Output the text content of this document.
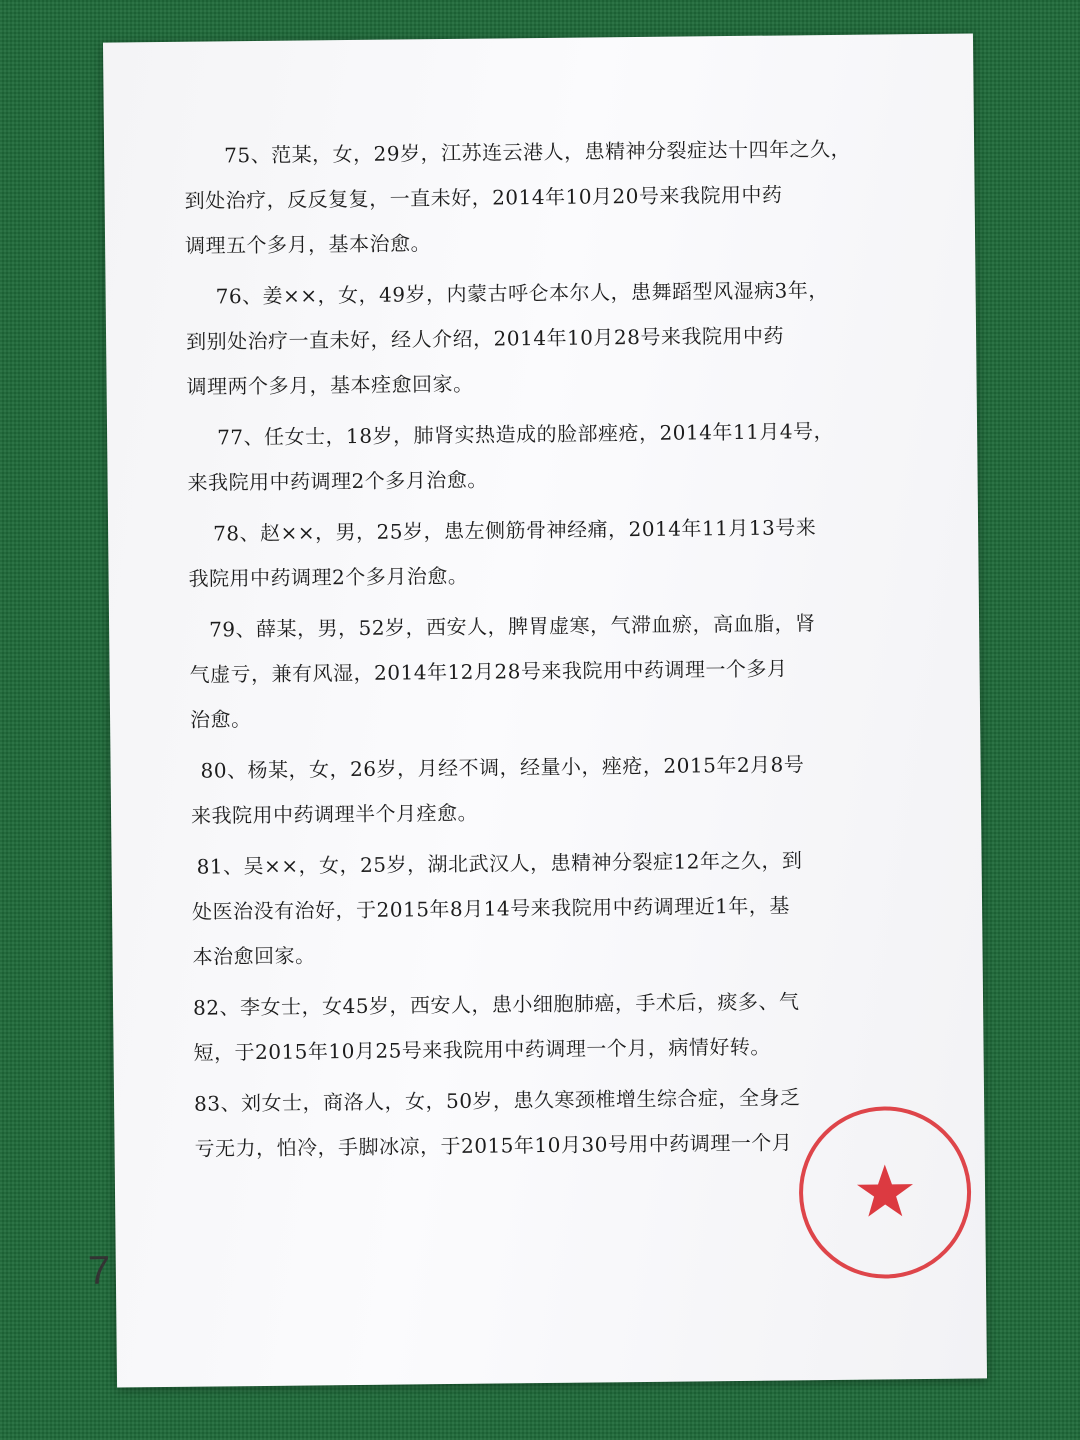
75、范某，女，29岁，江苏连云港人，患精神分裂症达十四年之久，
到处治疗，反反复复，一直未好，2014年10月20号来我院用中药
调理五个多月，基本治愈。
76、姜××，女，49岁，内蒙古呼仑本尔人，患舞蹈型风湿病3年，
到别处治疗一直未好，经人介绍，2014年10月28号来我院用中药
调理两个多月，基本痊愈回家。
77、任女士，18岁，肺肾实热造成的脸部痤疮，2014年11月4号，
来我院用中药调理2个多月治愈。
78、赵××，男，25岁，患左侧筋骨神经痛，2014年11月13号来
我院用中药调理2个多月治愈。
79、薛某，男，52岁，西安人，脾胃虚寒，气滞血瘀，高血脂，肾
气虚亏，兼有风湿，2014年12月28号来我院用中药调理一个多月
治愈。
80、杨某，女，26岁，月经不调，经量小，痤疮，2015年2月8号
来我院用中药调理半个月痊愈。
81、吴××，女，25岁，湖北武汉人，患精神分裂症12年之久，到
处医治没有治好，于2015年8月14号来我院用中药调理近1年，基
本治愈回家。
82、李女士，女45岁，西安人，患小细胞肺癌，手术后，痰多、气
短，于2015年10月25号来我院用中药调理一个月，病情好转。
83、刘女士，商洛人，女，50岁，患久寒颈椎增生综合症，全身乏
亏无力，怕冷，手脚冰凉，于2015年10月30号用中药调理一个月
7
